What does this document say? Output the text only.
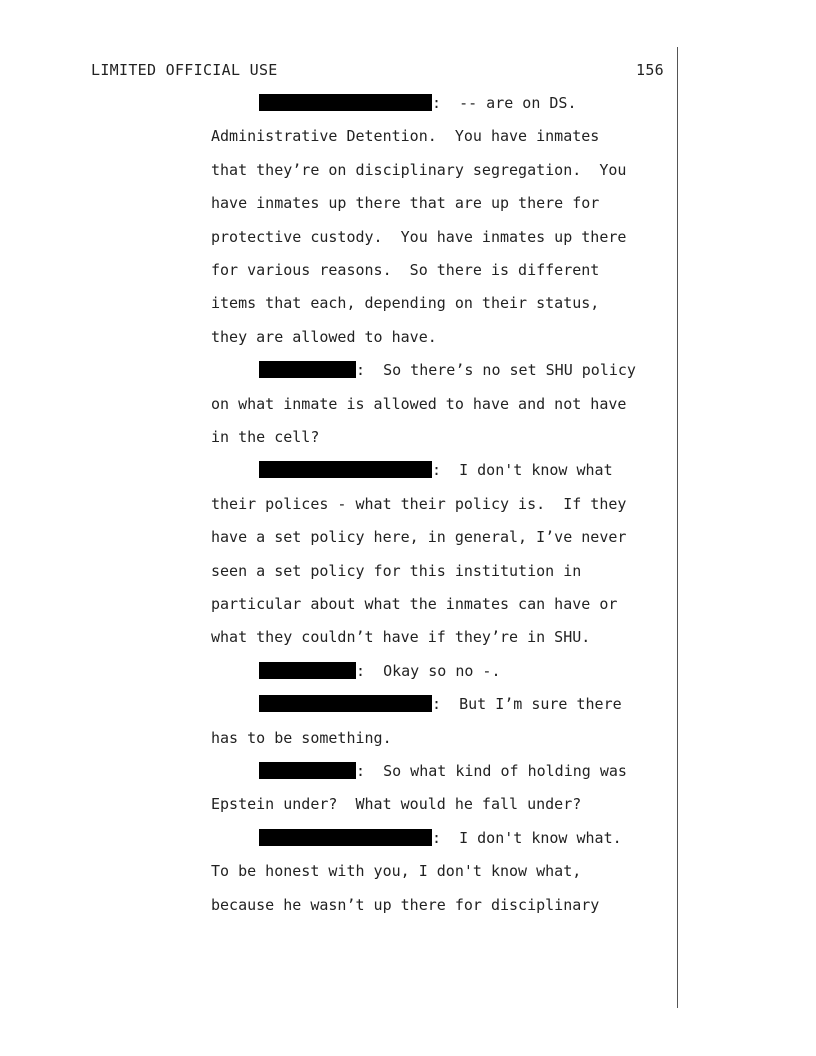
LIMITED OFFICIAL USE	156
:  -- are on DS.
Administrative Detention.  You have inmates
that they’re on disciplinary segregation.  You
have inmates up there that are up there for
protective custody.  You have inmates up there
for various reasons.  So there is different
items that each, depending on their status,
they are allowed to have.
:  So there’s no set SHU policy
on what inmate is allowed to have and not have
in the cell?
:  I don't know what
their polices - what their policy is.  If they
have a set policy here, in general, I’ve never
seen a set policy for this institution in
particular about what the inmates can have or
what they couldn’t have if they’re in SHU.
:  Okay so no -.
:  But I’m sure there
has to be something.
:  So what kind of holding was
Epstein under?  What would he fall under?
:  I don't know what.
To be honest with you, I don't know what,
because he wasn’t up there for disciplinary
